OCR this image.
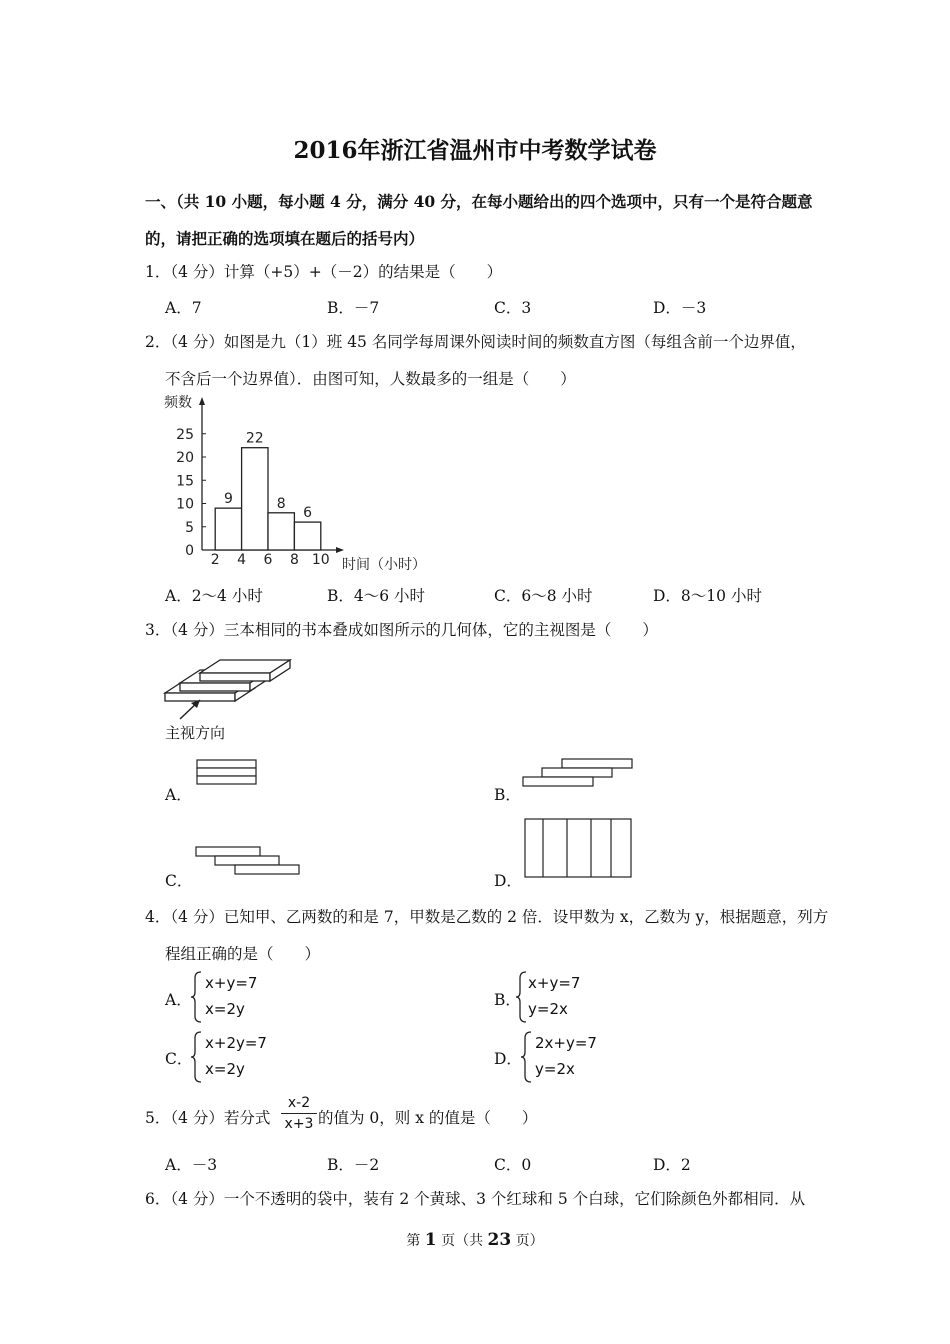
2016年浙江省温州市中考数学试卷
一、（共 10 小题，每小题 4 分，满分 40 分，在每小题给出的四个选项中，只有一个是符合题意
的，请把正确的选项填在题后的括号内）
1．（4 分）计算（+5）+（－2）的结果是（　　）
A．7	B．－7	C．3	D．－3
2．（4 分）如图是九（1）班 45 名同学每周课外阅读时间的频数直方图（每组含前一个边界值，
不含后一个边界值）．由图可知，人数最多的一组是（　　）
0
5
10
15
20
25
2 4 6 8 10
9
22
8
6
频数
时间（小时）
A．2～4 小时	B．4～6 小时	C．6～8 小时	D．8～10 小时
3．（4 分）三本相同的书本叠成如图所示的几何体，它的主视图是（　　）
主视方向
A．	B．
C．	D．
4．（4 分）已知甲、乙两数的和是 7，甲数是乙数的 2 倍．设甲数为 x，乙数为 y，根据题意，列方
程组正确的是（　　）
A．
x+y=7
x=2y	B．
x+y=7
y=2x
C．
x+2y=7
x=2y
D．
2x+y=7
y=2x
5．（4 分）若分式
x-2
x+3 的值为 0，则 x 的值是（　　）
A．－3	B．－2	C．0	D．2
6．（4 分）一个不透明的袋中，装有 2 个黄球、3 个红球和 5 个白球，它们除颜色外都相同．从
第 1 页（共 23 页）
